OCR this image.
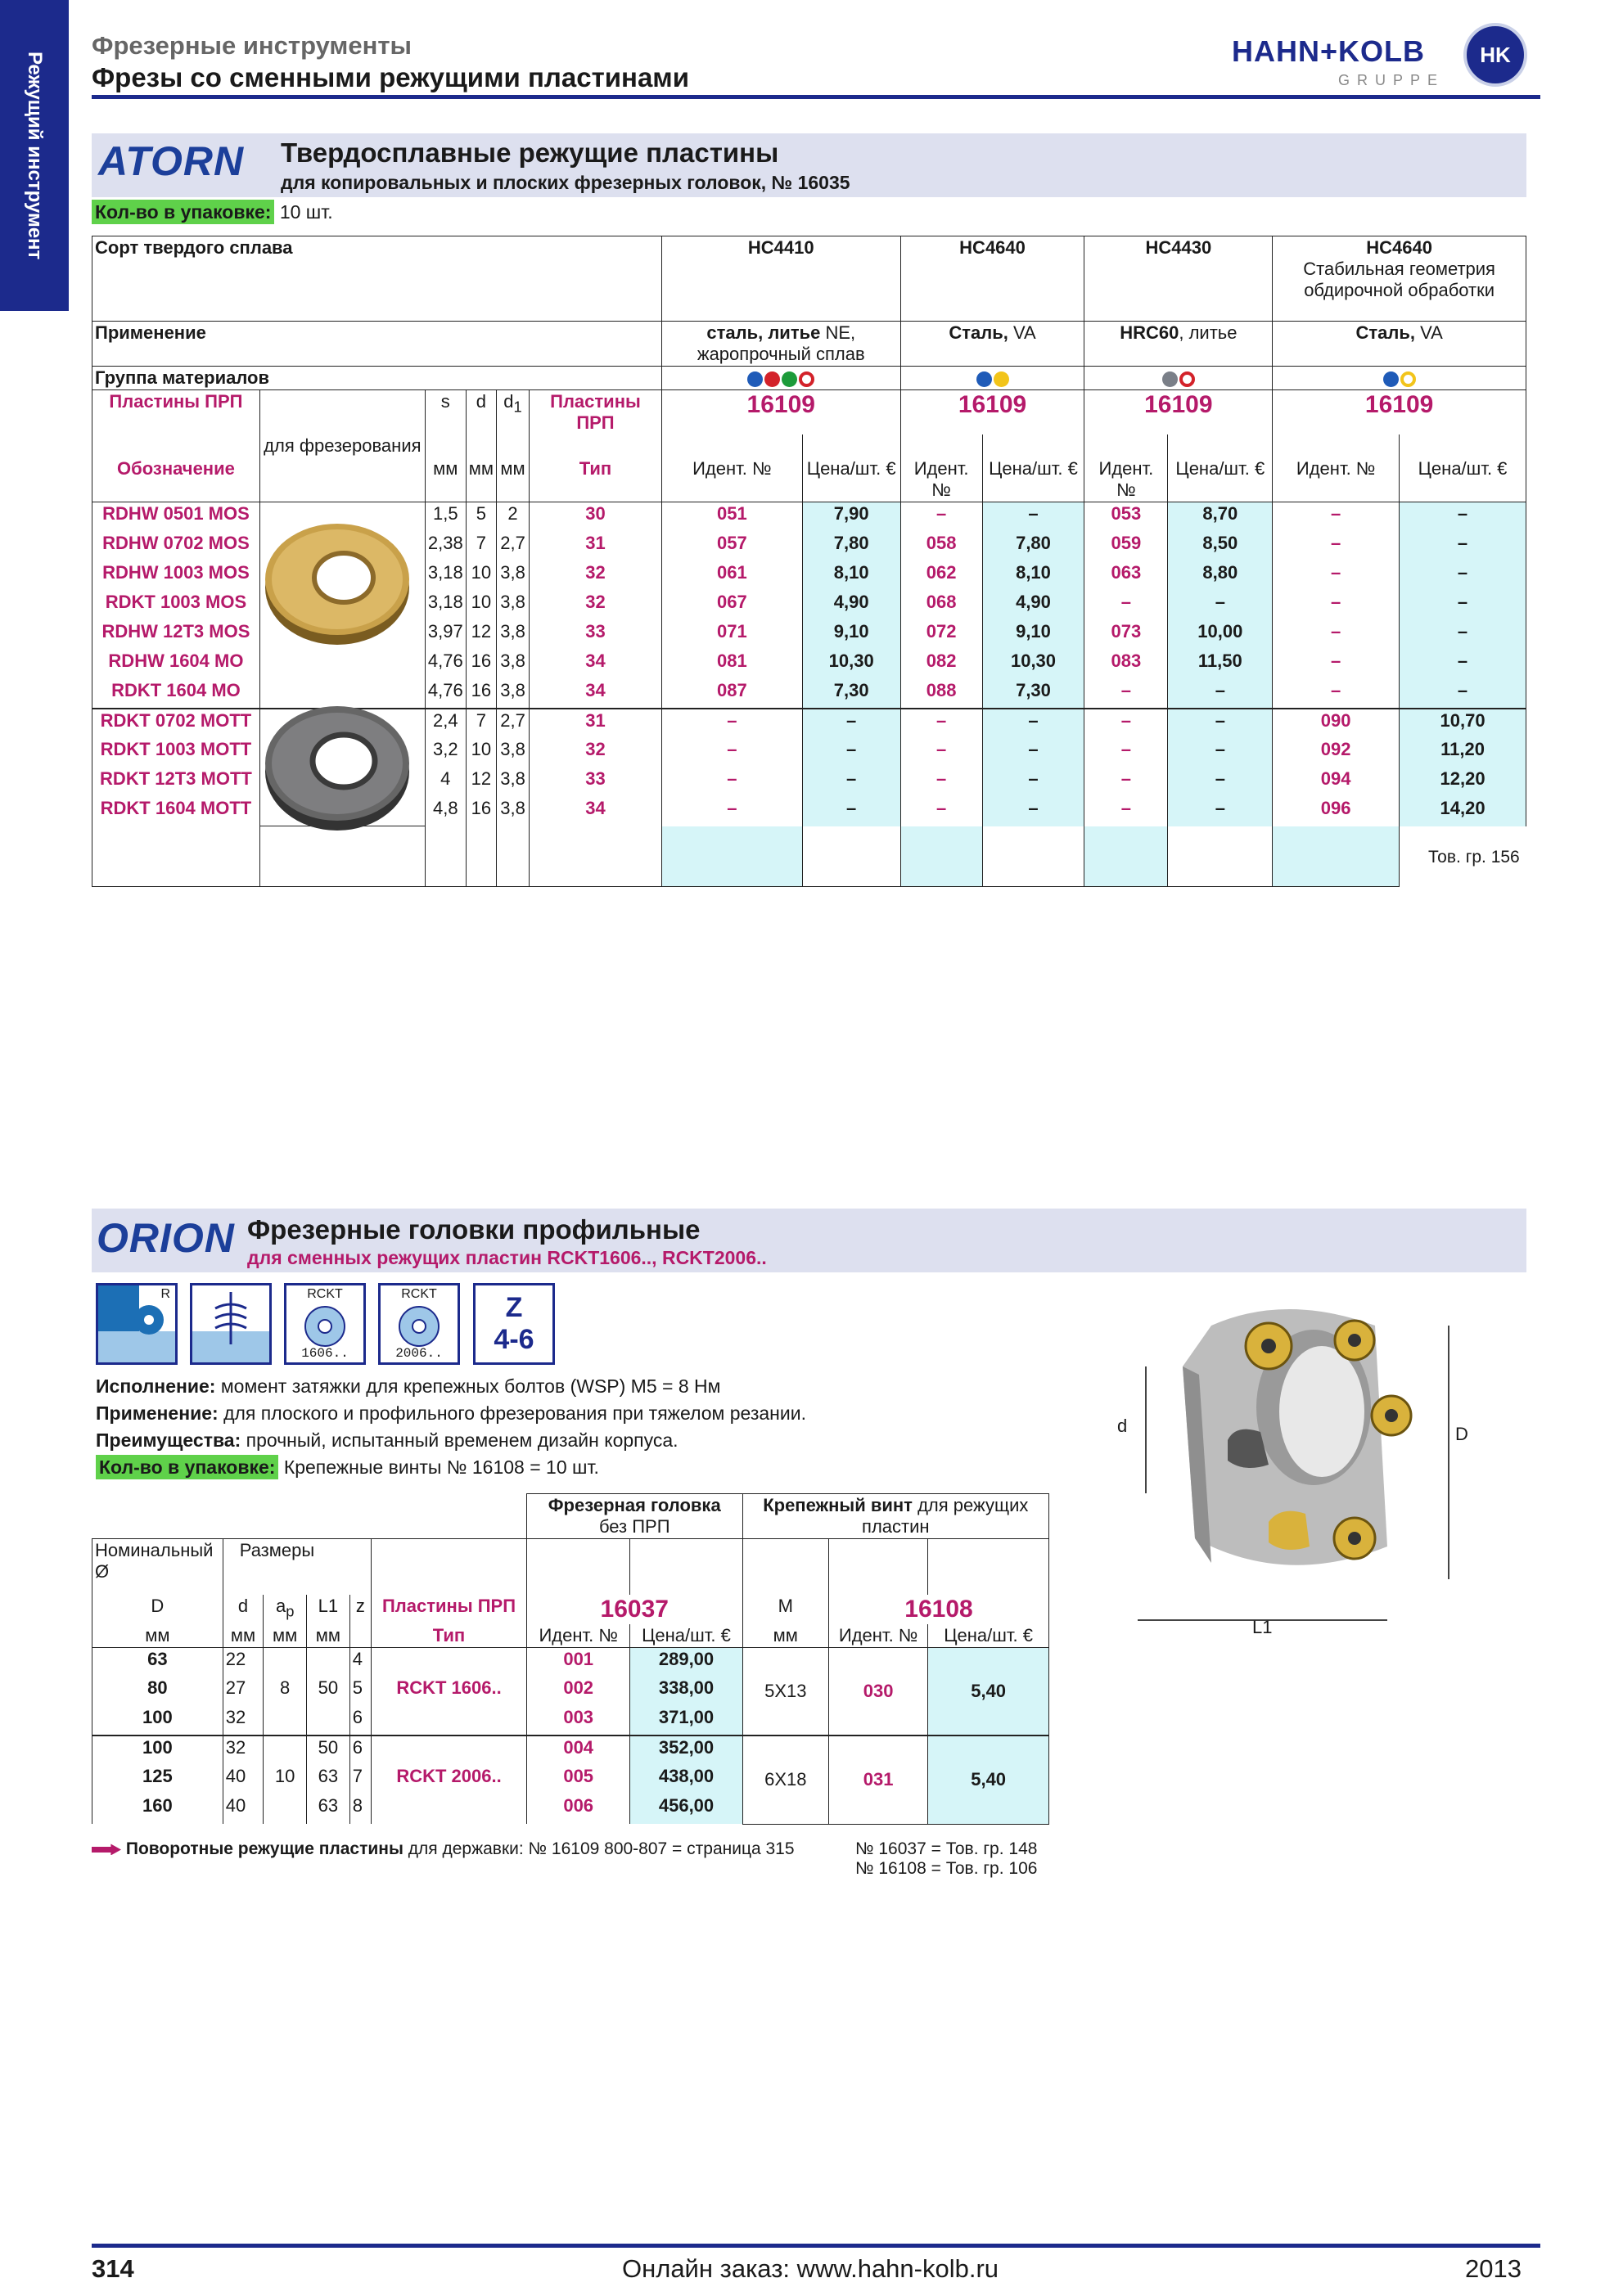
Режущий инструмент
Фрезерные инструменты
Фрезы со сменными режущими пластинами
HAHN+KOLB
GRUPPE
HK
ATORN Твердосплавные режущие пластины
для копировальных и плоских фрезерных головок, № 16035
Кол-во в упаковке: 10 шт.
Сорт твердого сплава						HC4410		HC4640		HC4430		HC4640
Стабильная геометрия обдирочной обработки	

Применение						сталь, литье NE, жаропрочный сплав		Сталь, VA		HRC60, литье		Сталь, VA	
Группа материалов													
Пластины ПРП		s	d	$d_1$	Пластины ПРП	16109		16109		16109		16109	
	для фрезерования												
Обозначение		мм	мм	мм	Тип	Идент. №	Цена/шт. €	Идент. №	Цена/шт. €	Идент. №	Цена/шт. €	Идент. №	Цена/шт. €
RDHW 0501 MOS		1,5	5	2	30	051	7,90	–	–	053	8,70	–	–
RDHW 0702 MOS		2,38	7	2,7	31	057	7,80	058	7,80	059	8,50	–	–
RDHW 1003 MOS		3,18	10	3,8	32	061	8,10	062	8,10	063	8,80	–	–
RDKT 1003 MOS		3,18	10	3,8	32	067	4,90	068	4,90	–	–	–	–
RDHW 12T3 MOS		3,97	12	3,8	33	071	9,10	072	9,10	073	10,00	–	–
RDHW 1604 MO		4,76	16	3,8	34	081	10,30	082	10,30	083	11,50	–	–
RDKT 1604 MO		4,76	16	3,8	34	087	7,30	088	7,30	–	–	–	–
RDKT 0702 MOTT		2,4	7	2,7	31	–	–	–	–	–	–	090	10,70
RDKT 1003 MOTT		3,2	10	3,8	32	–	–	–	–	–	–	092	11,20
RDKT 12T3 MOTT		4	12	3,8	33	–	–	–	–	–	–	094	12,20
RDKT 1604 MOTT		4,8	16	3,8	34	–	–	–	–	–	–	096	14,20

Тов. гр. 156
ORION Фрезерные головки профильные
для сменных режущих пластин RCKT1606.., RCKT2006..
R	RCKT
1606..
RCKT
2006..
Z
4-6
Исполнение: момент затяжки для крепежных болтов (WSP) M5 = 8 Нм
Применение: для плоского и профильного фрезерования при тяжелом резании.
Преимущества: прочный, испытанный временем дизайн корпуса.
Кол-во в упаковке: Крепежные винты № 16108 = 10 шт.

						Фрезерная головка
без ПРП		Крепежный винт для режущих пластин		
Номинальный Ø	Размеры									
D	d	$a_p$	L1	z	Пластины ПРП	16037		M	16108	
мм	мм	мм	мм		Тип	Идент. №	Цена/шт. €	мм	Идент. №	Цена/шт. €
63	22			4		001	289,00	5X13	030	5,40
80	27	8	50	5	RCKT 1606..	002	338,00			
100	32			6		003	371,00			
100	32		50	6		004	352,00	6X18	031	5,40
125	40	10	63	7	RCKT 2006..	005	438,00			
160	40		63	8		006	456,00			
Поворотные режущие пластины для державки: № 16109 800-807 = страница 315	№ 16037 = Тов. гр. 148
№ 16108 = Тов. гр. 106
d	D
L1
314	Онлайн заказ: www.hahn-kolb.ru	2013
